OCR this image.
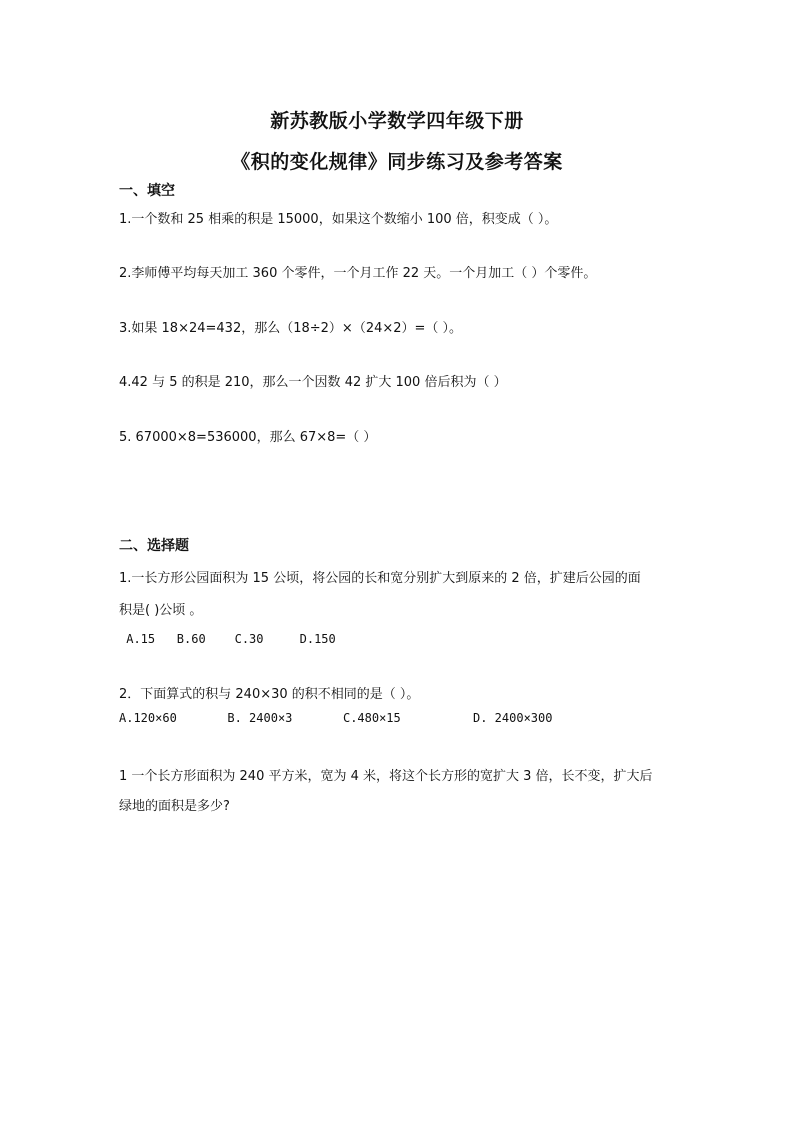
新苏教版小学数学四年级下册
《积的变化规律》同步练习及参考答案
一、填空
1.一个数和 25 相乘的积是 15000，如果这个数缩小 100 倍，积变成（ ）。
2.李师傅平均每天加工 360 个零件，一个月工作 22 天。一个月加工（ ）个零件。
3.如果 18×24=432，那么（18÷2）×（24×2）=（ ）。
4.42 与 5 的积是 210，那么一个因数 42 扩大 100 倍后积为（ ）
5. 67000×8=536000，那么 67×8=（ ）
二、选择题
1.一长方形公园面积为 15 公顷，将公园的长和宽分别扩大到原来的 2 倍，扩建后公园的面
积是( )公顷 。
A.15   B.60    C.30     D.150
2．下面算式的积与 240×30 的积不相同的是（ ）。
A.120×60       B. 2400×3       C.480×15          D. 2400×300
1 一个长方形面积为 240 平方米，宽为 4 米，将这个长方形的宽扩大 3 倍，长不变，扩大后
绿地的面积是多少?
